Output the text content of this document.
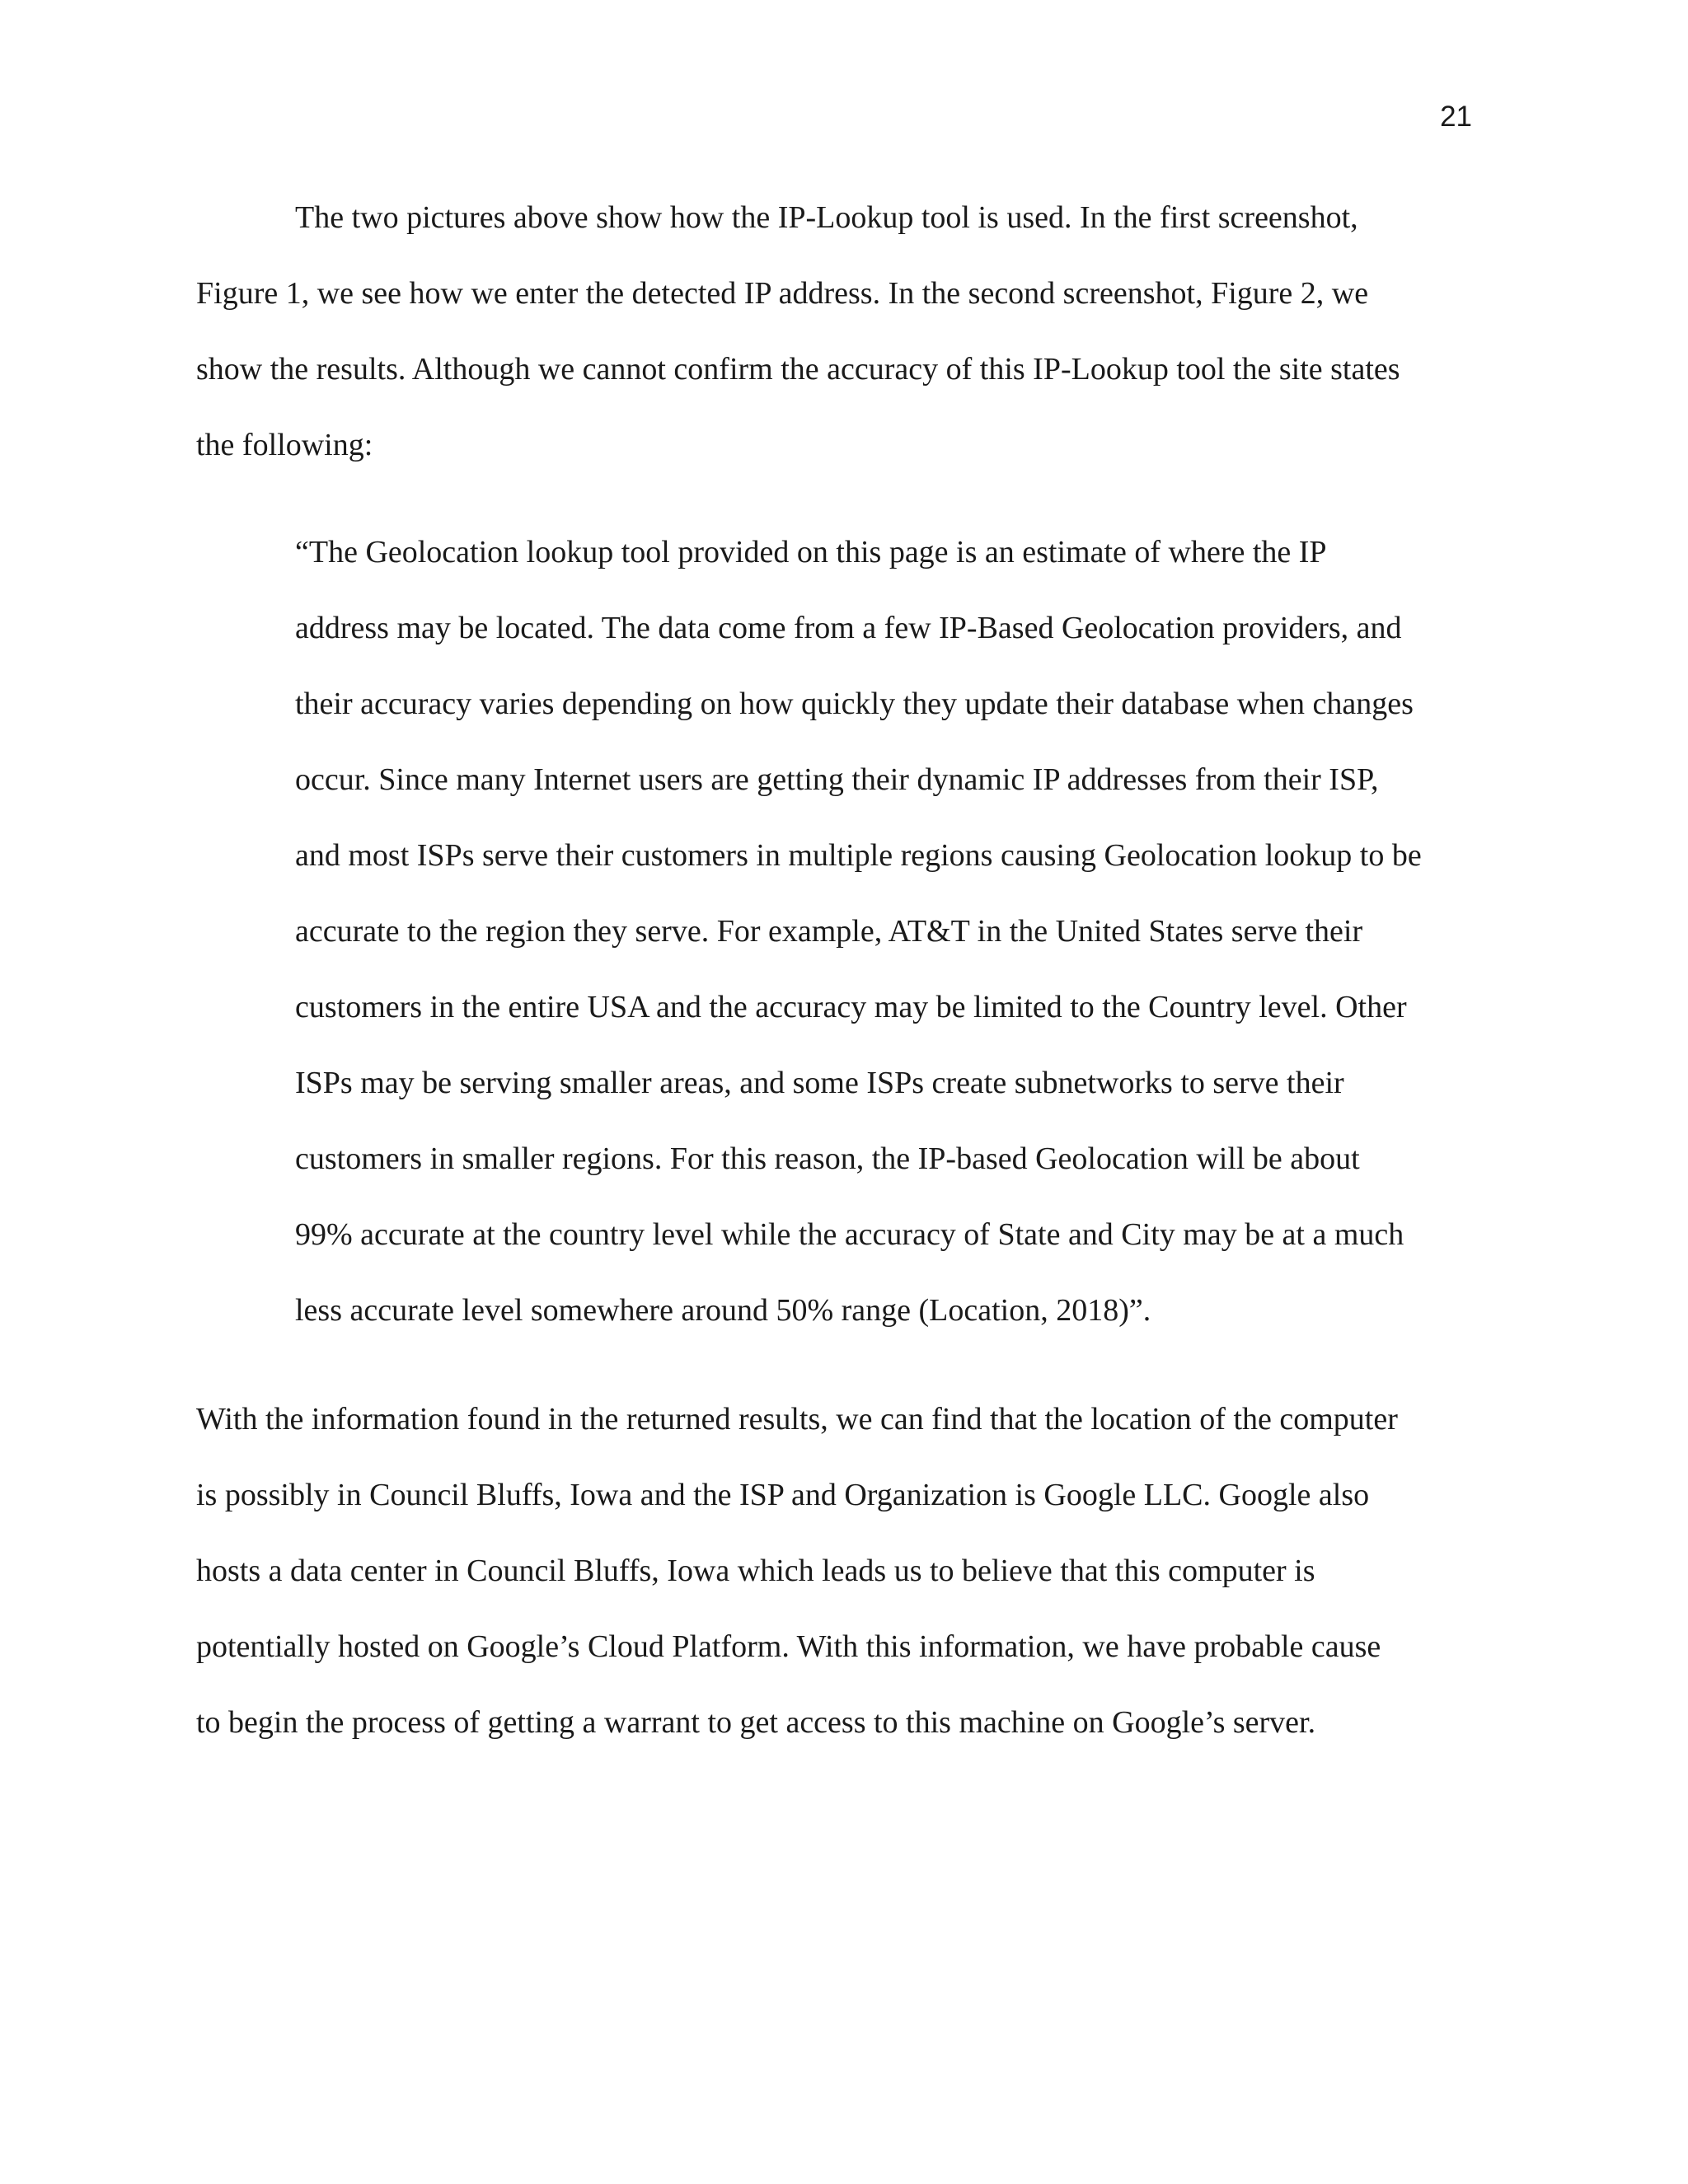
21
The two pictures above show how the IP-Lookup tool is used. In the first screenshot,
Figure 1, we see how we enter the detected IP address. In the second screenshot, Figure 2, we
show the results. Although we cannot confirm the accuracy of this IP-Lookup tool the site states
the following:
“The Geolocation lookup tool provided on this page is an estimate of where the IP
address may be located. The data come from a few IP-Based Geolocation providers, and
their accuracy varies depending on how quickly they update their database when changes
occur. Since many Internet users are getting their dynamic IP addresses from their ISP,
and most ISPs serve their customers in multiple regions causing Geolocation lookup to be
accurate to the region they serve. For example, AT&T in the United States serve their
customers in the entire USA and the accuracy may be limited to the Country level. Other
ISPs may be serving smaller areas, and some ISPs create subnetworks to serve their
customers in smaller regions. For this reason, the IP-based Geolocation will be about
99% accurate at the country level while the accuracy of State and City may be at a much
less accurate level somewhere around 50% range (Location, 2018)”.
With the information found in the returned results, we can find that the location of the computer
is possibly in Council Bluffs, Iowa and the ISP and Organization is Google LLC. Google also
hosts a data center in Council Bluffs, Iowa which leads us to believe that this computer is
potentially hosted on Google’s Cloud Platform. With this information, we have probable cause
to begin the process of getting a warrant to get access to this machine on Google’s server.
